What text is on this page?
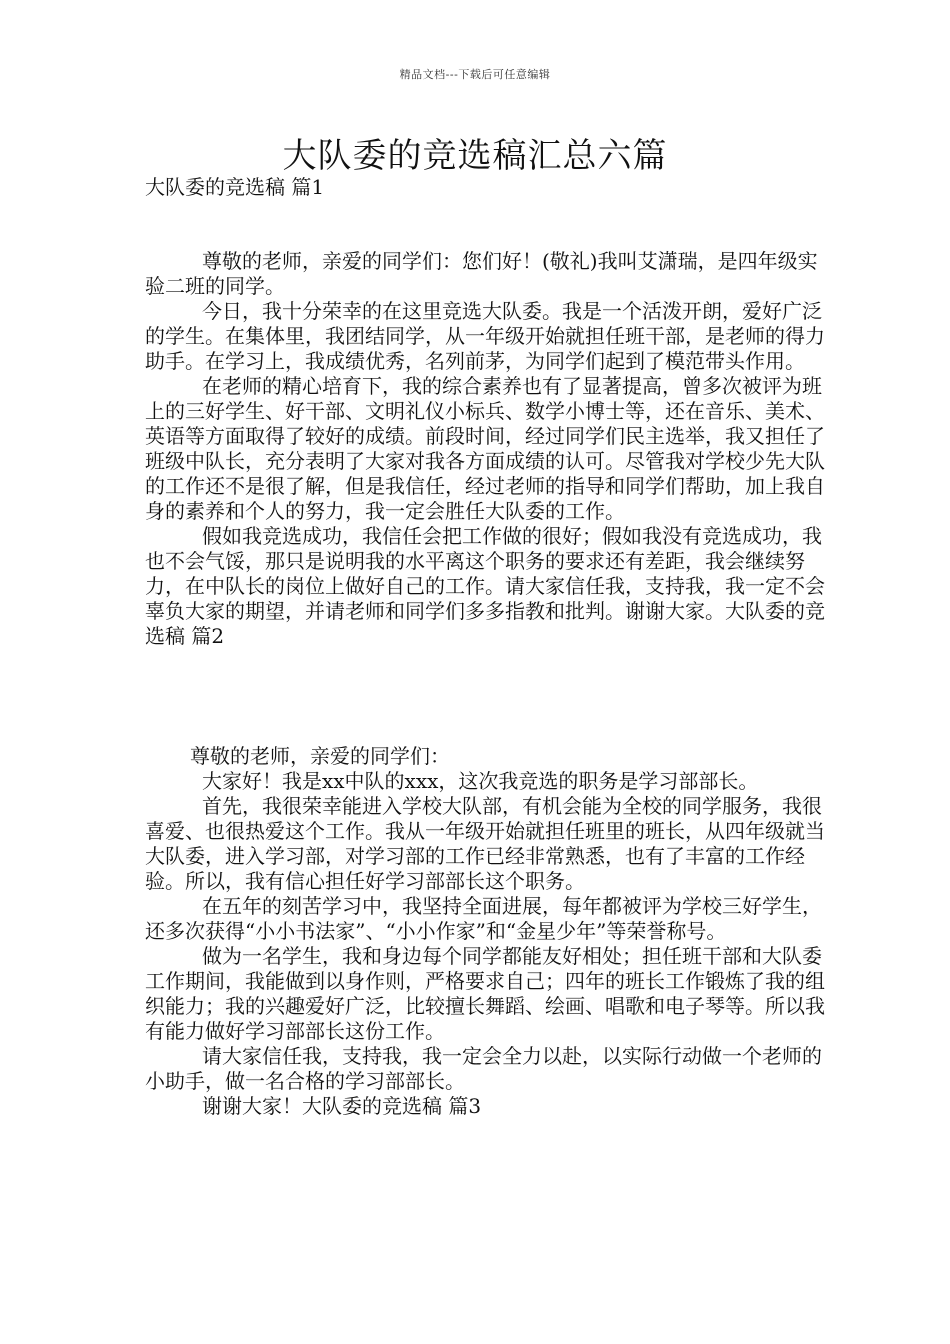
精品文档---下载后可任意编辑
大队委的竞选稿汇总六篇
大队委的竞选稿 篇1

尊敬的老师，亲爱的同学们：您们好！(敬礼)我叫艾潇瑞，是四年级实验二班的同学。

今日，我十分荣幸的在这里竞选大队委。我是一个活泼开朗，爱好广泛的学生。在集体里，我团结同学，从一年级开始就担任班干部，是老师的得力助手。在学习上，我成绩优秀，名列前茅，为同学们起到了模范带头作用。

在老师的精心培育下，我的综合素养也有了显著提高，曾多次被评为班上的三好学生、好干部、文明礼仪小标兵、数学小博士等，还在音乐、美术、英语等方面取得了较好的成绩。前段时间，经过同学们民主选举，我又担任了班级中队长，充分表明了大家对我各方面成绩的认可。尽管我对学校少先大队的工作还不是很了解，但是我信任，经过老师的指导和同学们帮助，加上我自身的素养和个人的努力，我一定会胜任大队委的工作。

假如我竞选成功，我信任会把工作做的很好；假如我没有竞选成功，我也不会气馁，那只是说明我的水平离这个职务的要求还有差距，我会继续努力，在中队长的岗位上做好自己的工作。请大家信任我，支持我，我一定不会辜负大家的期望，并请老师和同学们多多指教和批判。谢谢大家。大队委的竞选稿 篇2

尊敬的老师，亲爱的同学们：

大家好！我是xx中队的xxx，这次我竞选的职务是学习部部长。

首先，我很荣幸能进入学校大队部，有机会能为全校的同学服务，我很喜爱、也很热爱这个工作。我从一年级开始就担任班里的班长，从四年级就当大队委，进入学习部，对学习部的工作已经非常熟悉，也有了丰富的工作经验。所以，我有信心担任好学习部部长这个职务。

在五年的刻苦学习中，我坚持全面进展，每年都被评为学校三好学生，还多次获得“小小书法家”、“小小作家”和“金星少年”等荣誉称号。

做为一名学生，我和身边每个同学都能友好相处；担任班干部和大队委工作期间，我能做到以身作则，严格要求自己；四年的班长工作锻炼了我的组织能力；我的兴趣爱好广泛，比较擅长舞蹈、绘画、唱歌和电子琴等。所以我有能力做好学习部部长这份工作。

请大家信任我，支持我，我一定会全力以赴，以实际行动做一个老师的小助手，做一名合格的学习部部长。

谢谢大家！大队委的竞选稿 篇3
